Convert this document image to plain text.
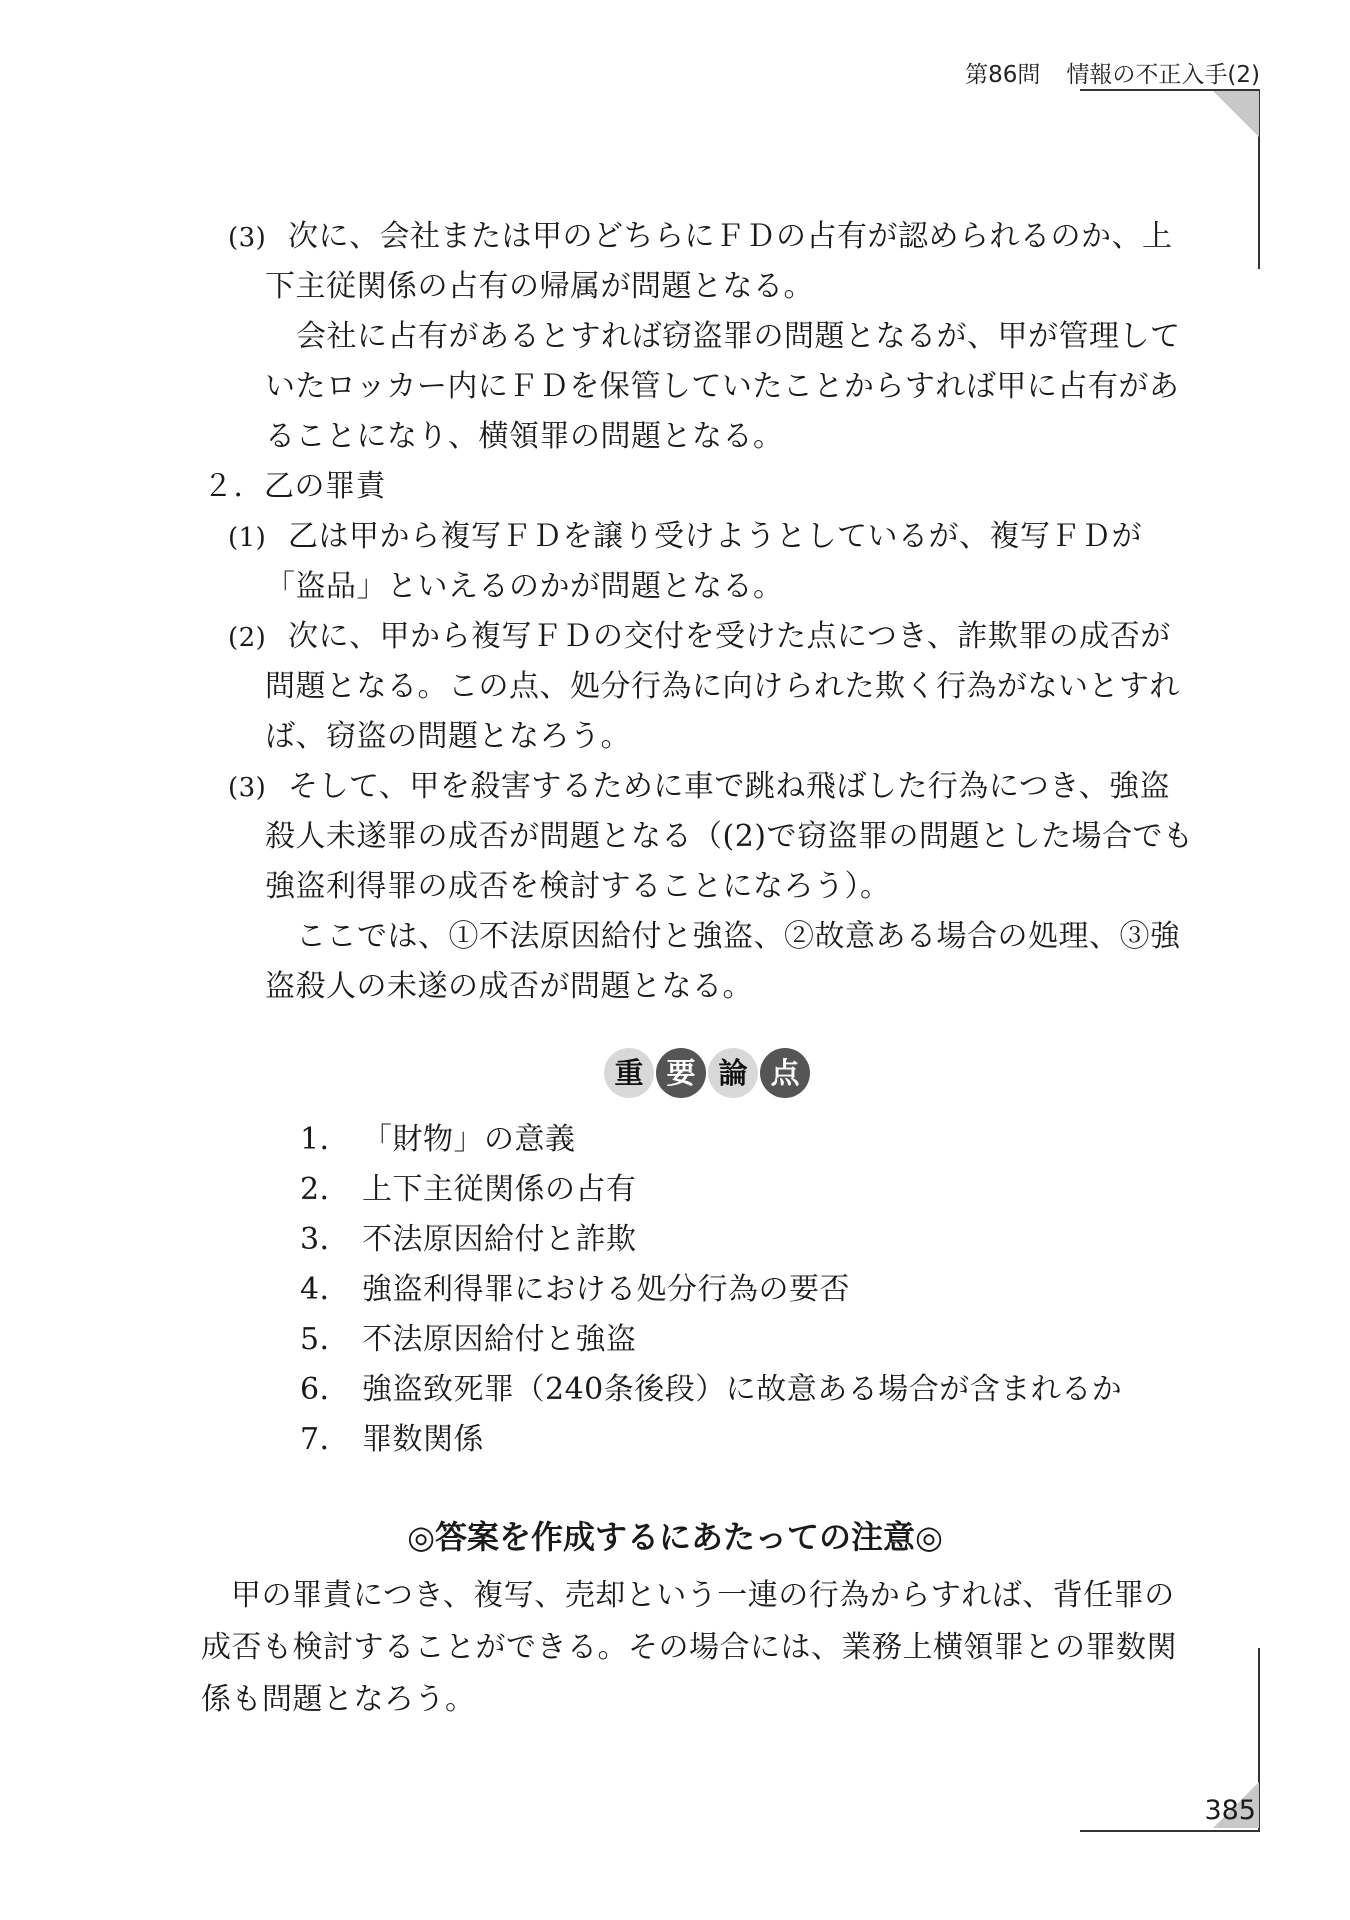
第86問 情報の不正入手(2)
(3) 次に、会社または甲のどちらにＦＤの占有が認められるのか、上
下主従関係の占有の帰属が問題となる。
会社に占有があるとすれば窃盗罪の問題となるが、甲が管理して
いたロッカー内にＦＤを保管していたことからすれば甲に占有があ
ることになり、横領罪の問題となる。
２．乙の罪責
(1) 乙は甲から複写ＦＤを譲り受けようとしているが、複写ＦＤが
「盗品」といえるのかが問題となる。
(2) 次に、甲から複写ＦＤの交付を受けた点につき、詐欺罪の成否が
問題となる。この点、処分行為に向けられた欺く行為がないとすれ
ば、窃盗の問題となろう。
(3) そして、甲を殺害するために車で跳ね飛ばした行為につき、強盗
殺人未遂罪の成否が問題となる（(2)で窃盗罪の問題とした場合でも
強盗利得罪の成否を検討することになろう）。
ここでは、①不法原因給付と強盗、②故意ある場合の処理、③強
盗殺人の未遂の成否が問題となる。
重 要 論 点
1． 「財物」の意義
2． 上下主従関係の占有
3． 不法原因給付と詐欺
4． 強盗利得罪における処分行為の要否
5． 不法原因給付と強盗
6． 強盗致死罪（240条後段）に故意ある場合が含まれるか
7． 罪数関係
◎答案を作成するにあたっての注意◎
甲の罪責につき、複写、売却という一連の行為からすれば、背任罪の
成否も検討することができる。その場合には、業務上横領罪との罪数関
係も問題となろう。
385
